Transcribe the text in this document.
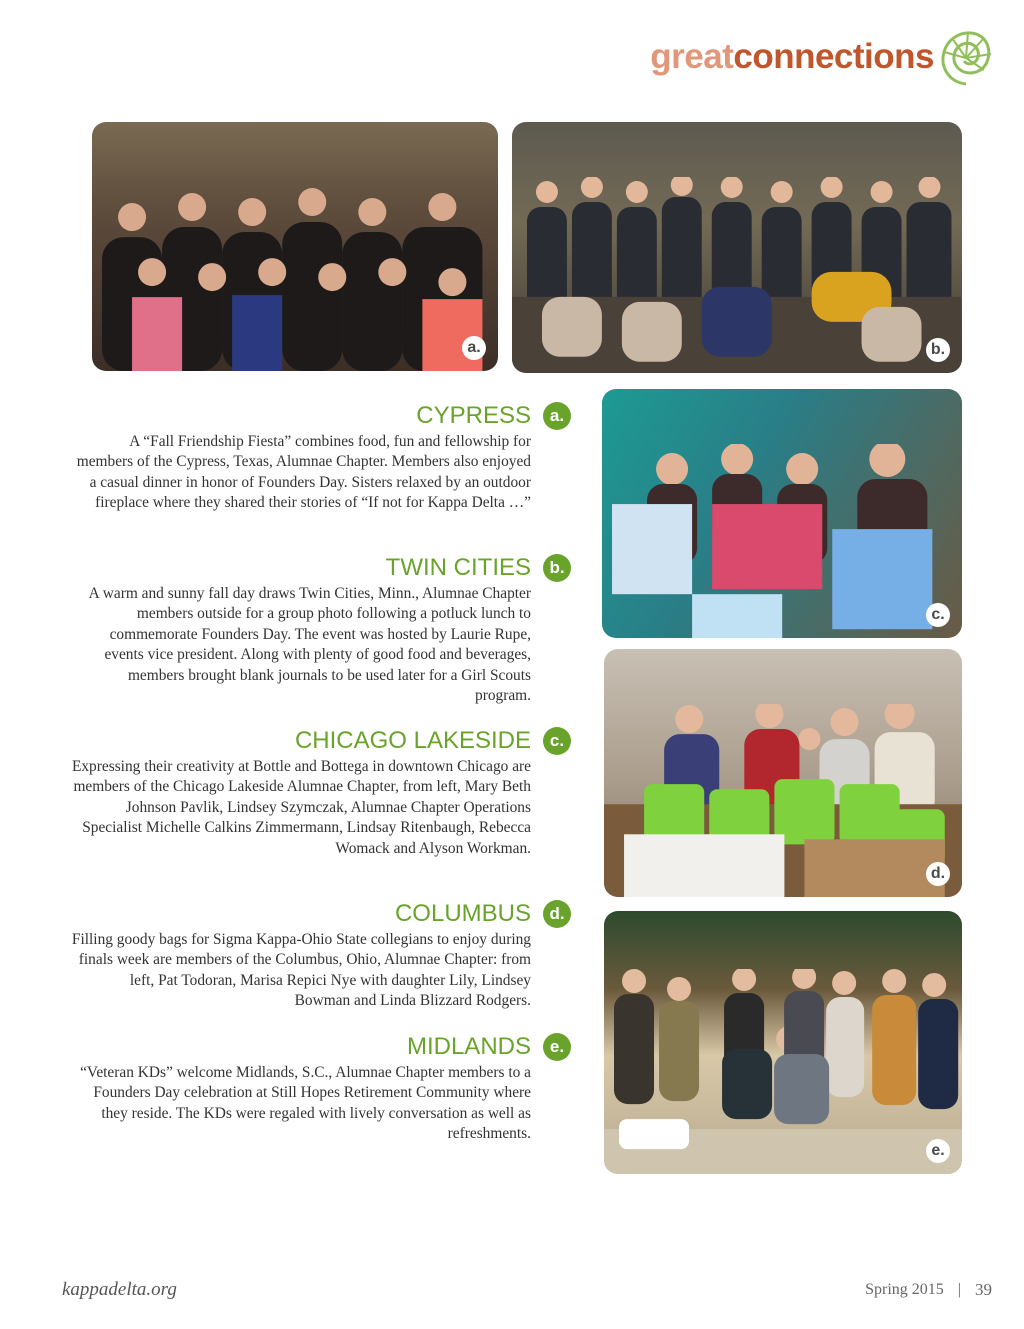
greatconnections
a.	b.
c.
d.
e.
CYPRESS	a.

A “Fall Friendship Fiesta” combines food, fun and fellowship for members of the Cypress, Texas, Alumnae Chapter. Members also enjoyed a casual dinner in honor of Founders Day. Sisters relaxed by an outdoor fireplace where they shared their stories of “If not for Kappa Delta …”

TWIN CITIES	b.

A warm and sunny fall day draws Twin Cities, Minn., Alumnae Chapter members outside for a group photo following a potluck lunch to commemorate Founders Day. The event was hosted by Laurie Rupe, events vice president. Along with plenty of good food and beverages, members brought blank journals to be used later for a Girl Scouts program.

CHICAGO LAKESIDE	c.

Expressing their creativity at Bottle and Bottega in downtown Chicago are members of the Chicago Lakeside Alumnae Chapter, from left, Mary Beth Johnson Pavlik, Lindsey Szymczak, Alumnae Chapter Operations Specialist Michelle Calkins Zimmermann, Lindsay Ritenbaugh, Rebecca Womack and Alyson Workman.

COLUMBUS	d.

Filling goody bags for Sigma Kappa-Ohio State collegians to enjoy during finals week are members of the Columbus, Ohio, Alumnae Chapter: from left, Pat Todoran, Marisa Repici Nye with daughter Lily, Lindsey Bowman and Linda Blizzard Rodgers.

MIDLANDS	e.

“Veteran KDs” welcome Midlands, S.C., Alumnae Chapter members to a Founders Day celebration at Still Hopes Retirement Community where they reside. The KDs were regaled with lively conversation as well as refreshments.

kappadelta.org	Spring 2015 | 39
